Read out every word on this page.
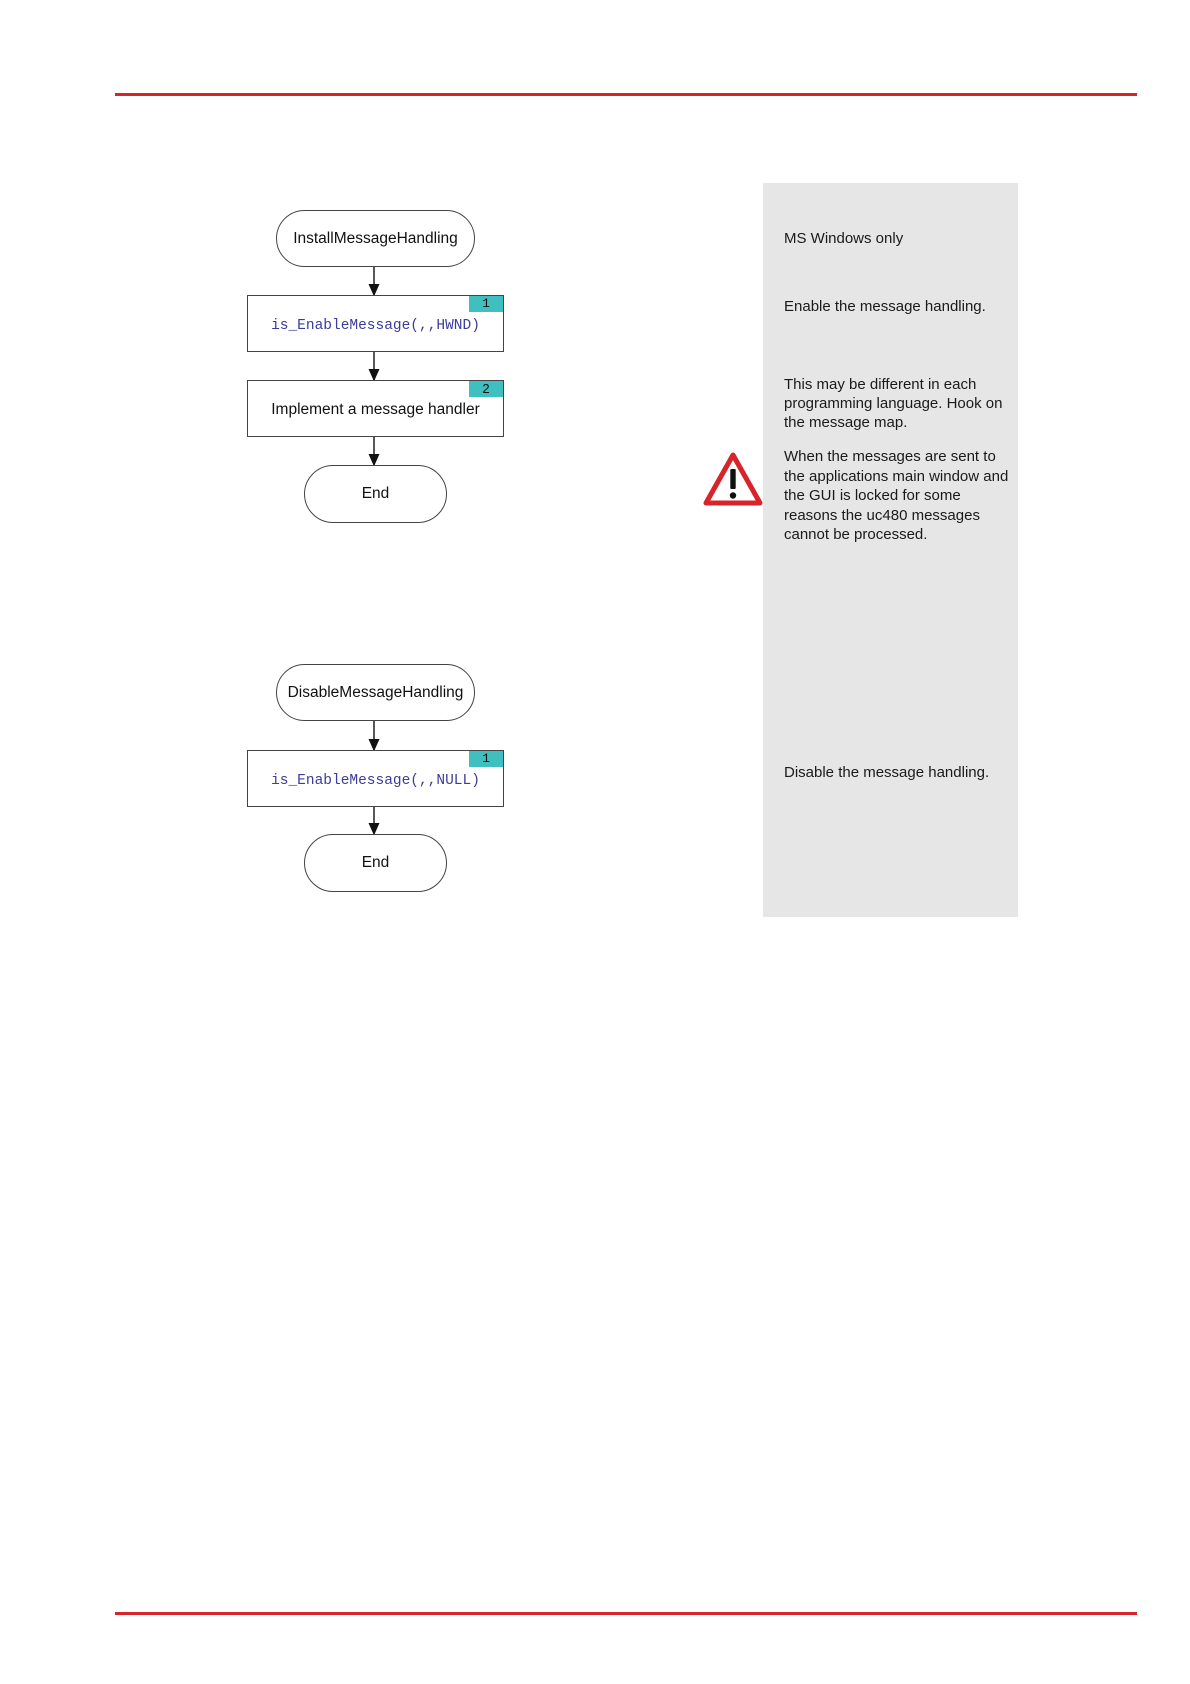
InstallMessageHandling
1
is_EnableMessage(,,HWND)
2
Implement a message handler
End
DisableMessageHandling
1
is_EnableMessage(,,NULL)
End

MS Windows only

Enable the message handling.

This may be different in each programming language. Hook on the message map.

When the messages are sent to the applications main window and the GUI is locked for some reasons the uc480 messages cannot be processed.

Disable the message handling.
